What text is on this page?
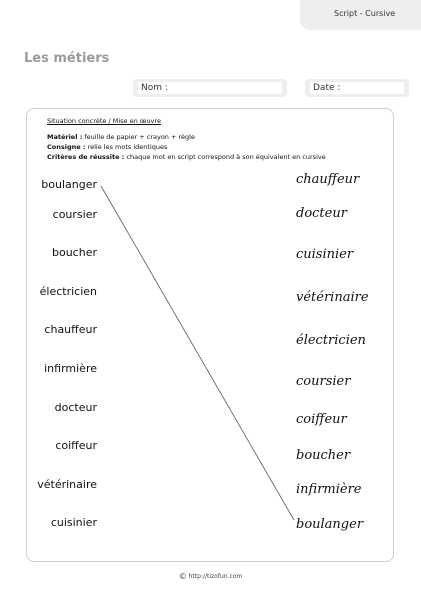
Script - Cursive
Les métiers
Nom :	Date :
Situation concrète / Mise en œuvre
Matériel : feuille de papier + crayon + règle
Consigne : relie les mots identiques
Critères de réussite : chaque mot en script correspond à son équivalent en cursive
boulanger
coursier
boucher
électricien
chauffeur
infirmière
docteur
coiffeur
vétérinaire
cuisinier
chauffeur
docteur
cuisinier
vétérinaire
électricien
coursier
coiffeur
boucher
infirmière
boulanger
© http://tizofun.com
